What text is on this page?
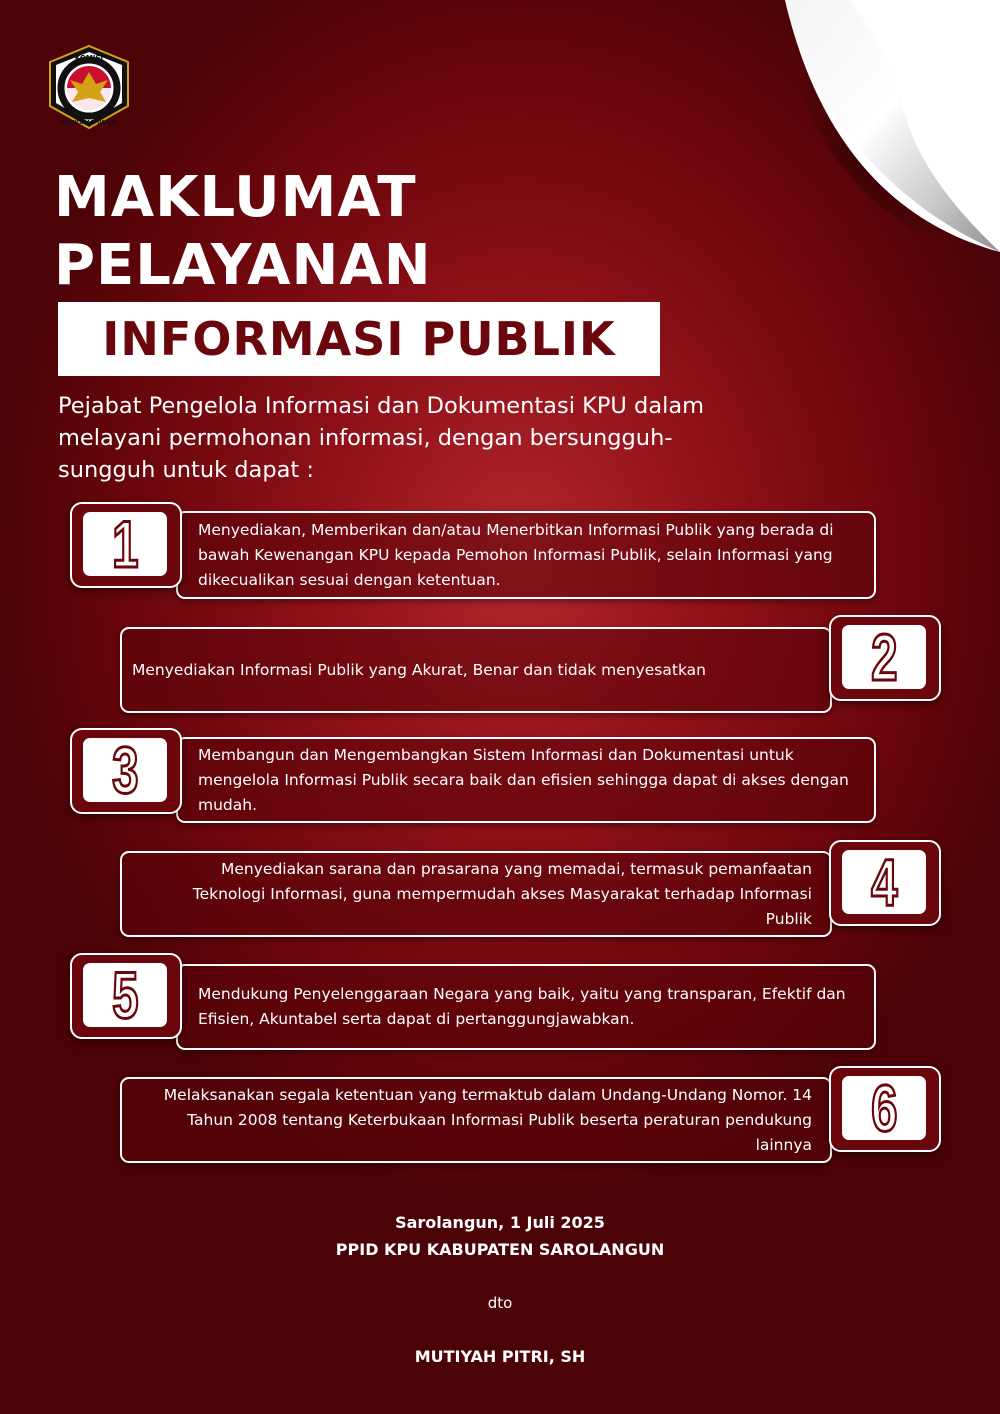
KOMISI
PEMILIHAN UMUM
MAKLUMAT
PELAYANAN
INFORMASI PUBLIK

Pejabat Pengelola Informasi dan Dokumentasi KPU dalam melayani permohonan informasi, dengan bersungguh-sungguh untuk dapat :

Menyediakan, Memberikan dan/atau Menerbitkan Informasi Publik yang berada di bawah Kewenangan KPU kepada Pemohon Informasi Publik, selain Informasi yang dikecualikan sesuai dengan ketentuan.

1

Menyediakan Informasi Publik yang Akurat, Benar dan tidak menyesatkan 2

Membangun dan Mengembangkan Sistem Informasi dan Dokumentasi untuk mengelola Informasi Publik secara baik dan efisien sehingga dapat di akses dengan mudah.

3

Menyediakan sarana dan prasarana yang memadai, termasuk pemanfaatan Teknologi Informasi, guna mempermudah akses Masyarakat terhadap Informasi Publik 4

Mendukung Penyelenggaraan Negara yang baik, yaitu yang transparan, Efektif dan Efisien, Akuntabel serta dapat di pertanggungjawabkan.

5

Melaksanakan segala ketentuan yang termaktub dalam Undang-Undang Nomor. 14 Tahun 2008 tentang Keterbukaan Informasi Publik beserta peraturan pendukung lainnya 6

Sarolangun, 1 Juli 2025

PPID KPU KABUPATEN SAROLANGUN

dto

MUTIYAH PITRI, SH
